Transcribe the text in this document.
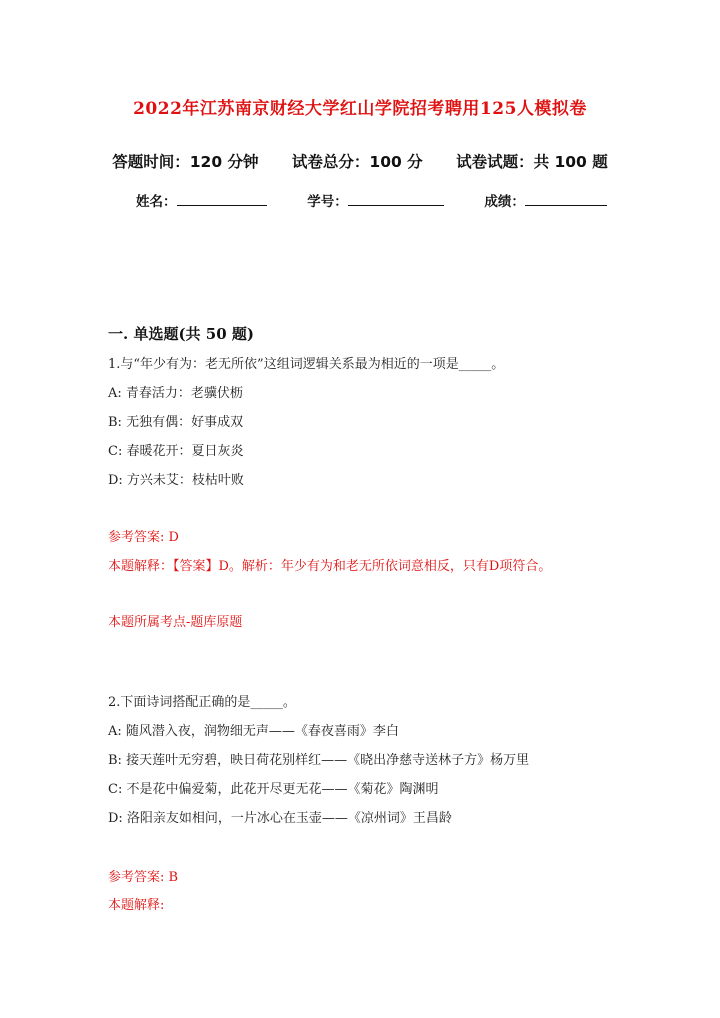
2022年江苏南京财经大学红山学院招考聘用125人模拟卷
答题时间：120 分钟 试卷总分：100 分 试卷试题：共 100 题
姓名：	学号：	成绩：
一. 单选题(共 50 题)
1.与“年少有为：老无所依”这组词逻辑关系最为相近的一项是_____。
A: 青春活力：老骥伏枥
B: 无独有偶：好事成双
C: 春暖花开：夏日灰炎
D: 方兴未艾：枝枯叶败
参考答案: D
本题解释：【答案】D。解析：年少有为和老无所依词意相反，只有D项符合。
本题所属考点-题库原题
2.下面诗词搭配正确的是_____。
A: 随风潜入夜，润物细无声——《春夜喜雨》李白
B: 接天莲叶无穷碧，映日荷花别样红——《晓出净慈寺送林子方》杨万里
C: 不是花中偏爱菊，此花开尽更无花——《菊花》陶渊明
D: 洛阳亲友如相问，一片冰心在玉壶——《凉州词》王昌龄
参考答案: B
本题解释:
